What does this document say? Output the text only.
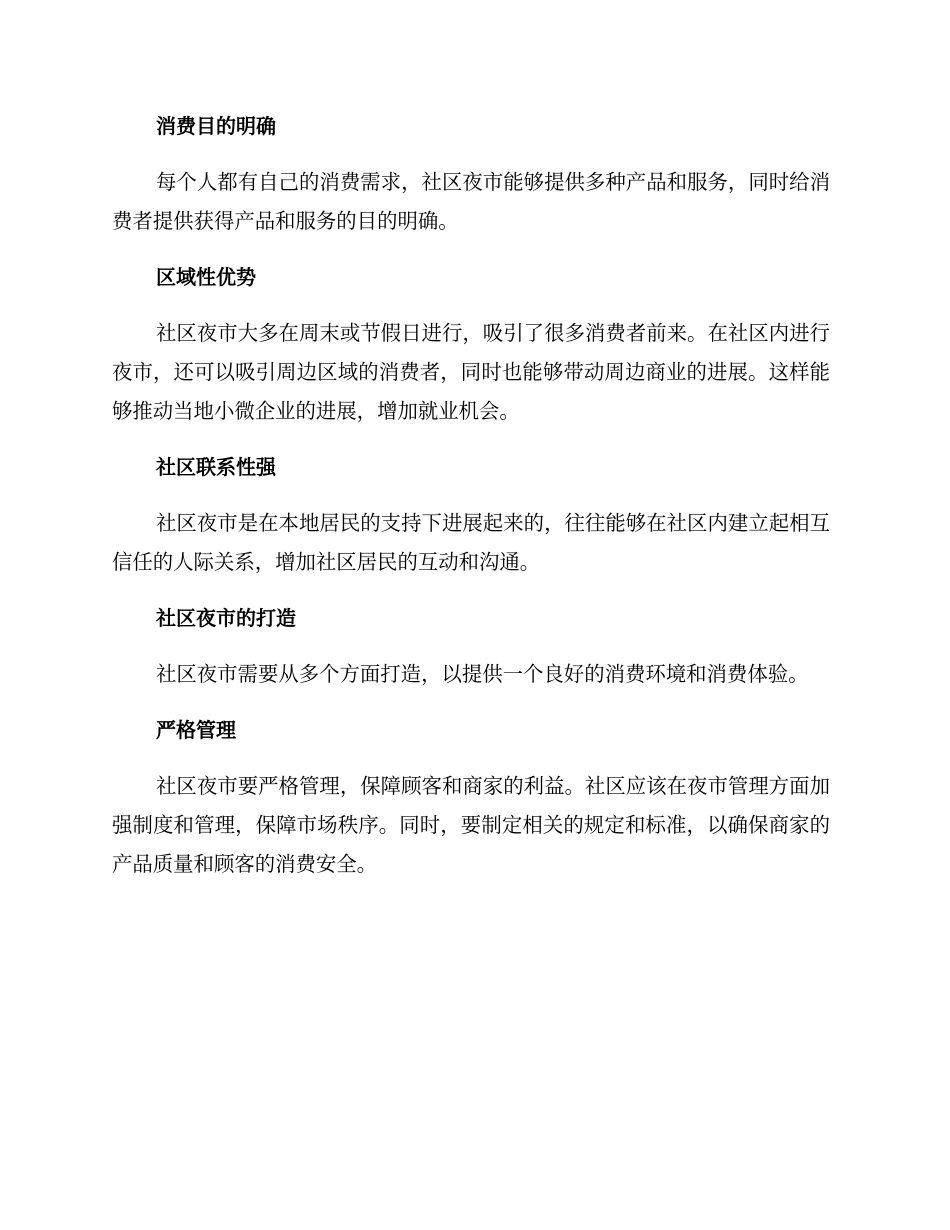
消费目的明确

每个人都有自己的消费需求，社区夜市能够提供多种产品和服务，同时给消费者提供获得产品和服务的目的明确。

区域性优势

社区夜市大多在周末或节假日进行，吸引了很多消费者前来。在社区内进行夜市，还可以吸引周边区域的消费者，同时也能够带动周边商业的进展。这样能够推动当地小微企业的进展，增加就业机会。

社区联系性强

社区夜市是在本地居民的支持下进展起来的，往往能够在社区内建立起相互信任的人际关系，增加社区居民的互动和沟通。

社区夜市的打造

社区夜市需要从多个方面打造，以提供一个良好的消费环境和消费体验。

严格管理

社区夜市要严格管理，保障顾客和商家的利益。社区应该在夜市管理方面加强制度和管理，保障市场秩序。同时，要制定相关的规定和标准，以确保商家的产品质量和顾客的消费安全。
